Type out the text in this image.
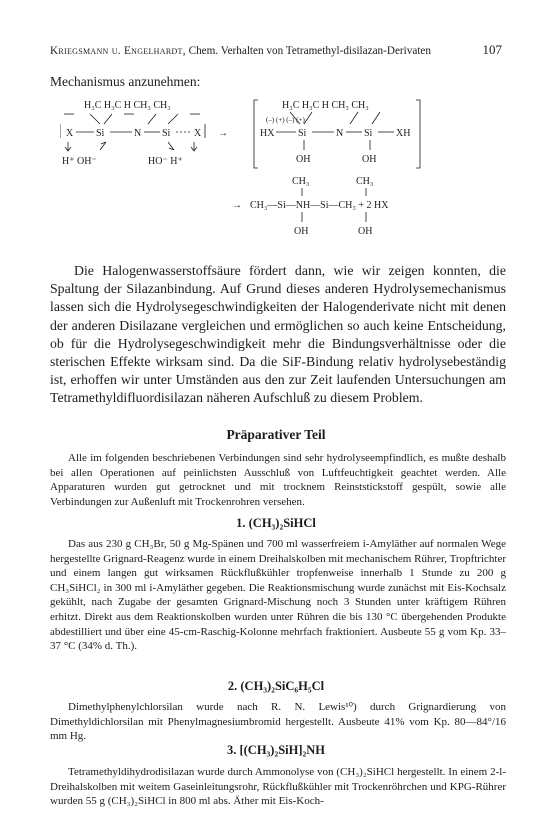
Kriegsmann u. Engelhardt, Chem. Verhalten von Tetramethyl-disilazan-Derivaten	107
Mechanismus anzunehmen:
H₃C H₃C H CH₃ CH₃
X Si	N Si X
H⁺ OH⁻	HO⁻ H⁺
→
H₃C H₃C H CH₃ CH₃
(–) (+) (–) (+)
HX Si	N Si XH
OH	OH
CH₃	CH₃
→ CH₃—Si—NH—Si—CH₃ + 2 HX
OH	OH

Die Halogenwasserstoffsäure fördert dann, wie wir zeigen konnten, die Spaltung der Silazanbindung. Auf Grund dieses anderen Hydrolysemechanismus lassen sich die Hydrolysegeschwindigkeiten der Halogenderivate nicht mit denen der anderen Disilazane vergleichen und ermöglichen so auch keine Entscheidung, ob für die Hydrolysegeschwindigkeit mehr die Bindungsverhältnisse oder die sterischen Effekte wirksam sind. Da die SiF-Bindung relativ hydrolysebeständig ist, erhoffen wir unter Umständen aus den zur Zeit laufenden Untersuchungen am Tetramethyldifluordisilazan näheren Aufschluß zu diesem Problem.

Präparativer Teil

Alle im folgenden beschriebenen Verbindungen sind sehr hydrolyseempfindlich, es mußte deshalb bei allen Operationen auf peinlichsten Ausschluß von Luftfeuchtigkeit geachtet werden. Alle Apparaturen wurden gut getrocknet und mit trocknem Reinststickstoff gespült, sowie alle Verbindungen zur Außenluft mit Trockenrohren versehen.

1. (CH₃)₂SiHCl

Das aus 230 g CH₃Br, 50 g Mg-Spänen und 700 ml wasserfreiem i-Amyläther auf normalen Wege hergestellte Grignard-Reagenz wurde in einem Dreihalskolben mit mechanischem Rührer, Tropftrichter und einem langen gut wirksamen Rückflußkühler tropfenweise innerhalb 1 Stunde zu 200 g CH₃SiHCl₂ in 300 ml i-Amyläther gegeben. Die Reaktionsmischung wurde zunächst mit Eis-Kochsalz gekühlt, nach Zugabe der gesamten Grignard-Mischung noch 3 Stunden unter kräftigem Rühren erhitzt. Direkt aus dem Reaktionskolben wurden unter Rühren die bis 130 °C übergehenden Produkte abdestilliert und über eine 45-cm-Raschig-Kolonne mehrfach fraktioniert. Ausbeute 55 g vom Kp. 33–37 °C (34% d. Th.).

2. (CH₃)₂SiC₆H₅Cl

Dimethylphenylchlorsilan wurde nach R. N. Lewis¹⁰) durch Grignardierung von Dimethyldichlorsilan mit Phenylmagnesiumbromid hergestellt. Ausbeute 41% vom Kp. 80—84°/16 mm Hg.

3. [(CH₃)₂SiH]₂NH

Tetramethyldihydrodisilazan wurde durch Ammonolyse von (CH₃)₂SiHCl hergestellt. In einem 2-l-Dreihalskolben mit weitem Gaseinleitungsrohr, Rückflußkühler mit Trockenröhrchen und KPG-Rührer wurden 55 g (CH₃)₂SiHCl in 800 ml abs. Äther mit Eis-Koch-
